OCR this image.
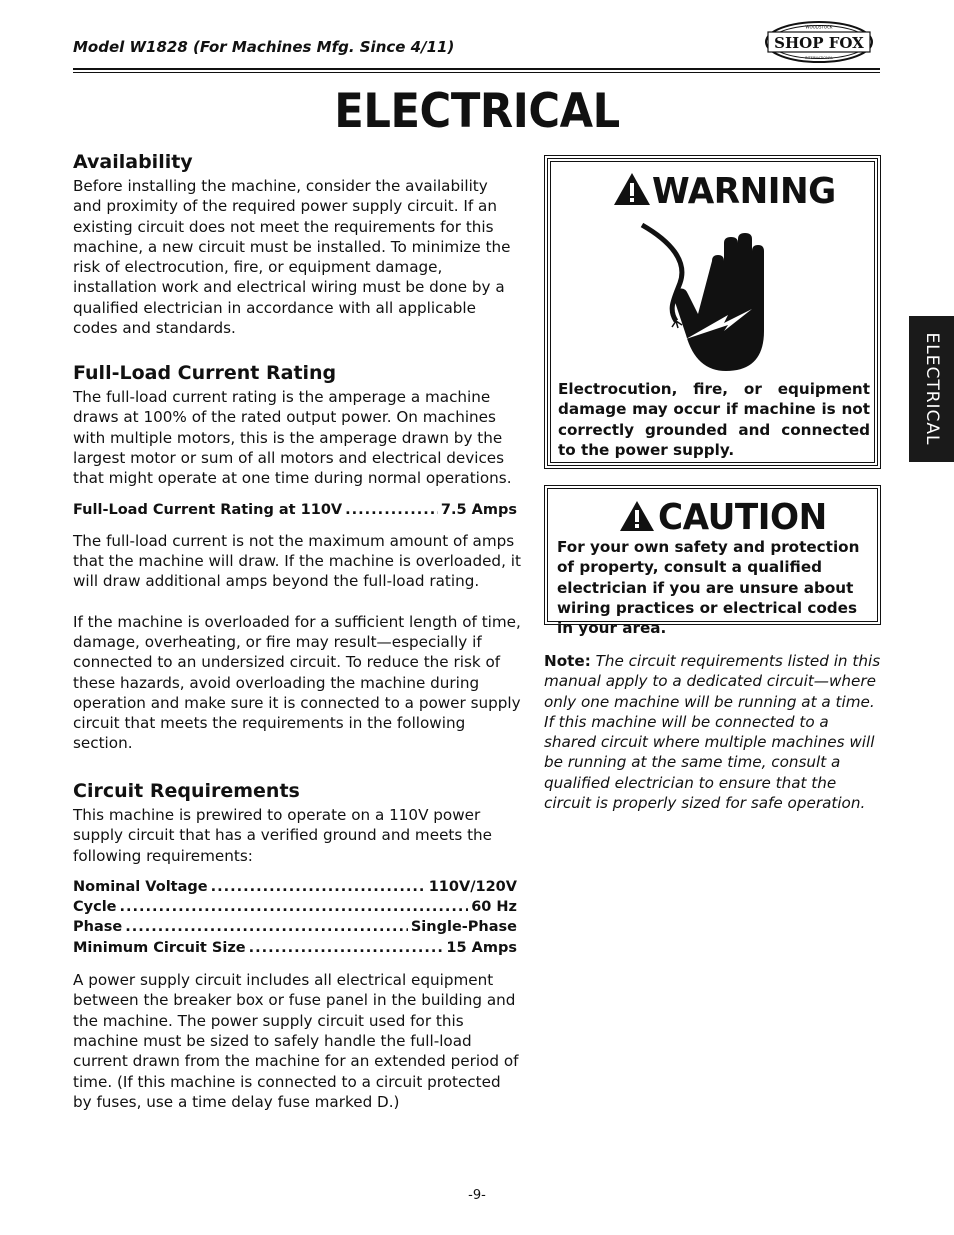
Model W1828 (For Machines Mfg. Since 4/11)	SHOP FOX
WOODSTOCK
INTERNATIONAL
ELECTRICAL
Availability

Before installing the machine, consider the availability and proximity of the required power supply circuit. If an existing circuit does not meet the requirements for this machine, a new circuit must be installed. To minimize the risk of electrocution, fire, or equipment damage, installation work and electrical wiring must be done by a qualified electrician in accordance with all applicable codes and standards.

Full-Load Current Rating

The full-load current rating is the amperage a machine draws at 100% of the rated output power. On machines with multiple motors, this is the amperage drawn by the largest motor or sum of all motors and electrical devices that might operate at one time during normal operations.

Full-Load Current Rating at 110V .....	7.5 Amps

The full-load current is not the maximum amount of amps that the machine will draw. If the machine is overloaded, it will draw additional amps beyond the full-load rating.

If the machine is overloaded for a sufficient length of time, damage, overheating, or fire may result—especially if connected to an undersized circuit. To reduce the risk of these hazards, avoid overloading the machine during operation and make sure it is connected to a power supply circuit that meets the requirements in the following section.

Circuit Requirements

This machine is prewired to operate on a 110V power supply circuit that has a verified ground and meets the following requirements:

Nominal Voltage .....	110V/120V
Cycle .....	60 Hz
Phase .....	Single-Phase
Minimum Circuit Size .....	15 Amps

A power supply circuit includes all electrical equipment between the breaker box or fuse panel in the building and the machine. The power supply circuit used for this machine must be sized to safely handle the full-load current drawn from the machine for an extended period of time. (If this machine is connected to a circuit protected by fuses, use a time delay fuse marked D.)

WARNING
Electrocution, fire, or equipment damage may occur if machine is not correctly grounded and connected to the power supply.
CAUTION
For your own safety and protection of property, consult a qualified electrician if you are unsure about wiring practices or electrical codes in your area.
Note: The circuit requirements listed in this manual apply to a dedicated circuit—where only one machine will be running at a time. If this machine will be connected to a shared circuit where multiple machines will be running at the same time, consult a qualified electrician to ensure that the circuit is properly sized for safe operation.
ELECTRICAL
-9-
